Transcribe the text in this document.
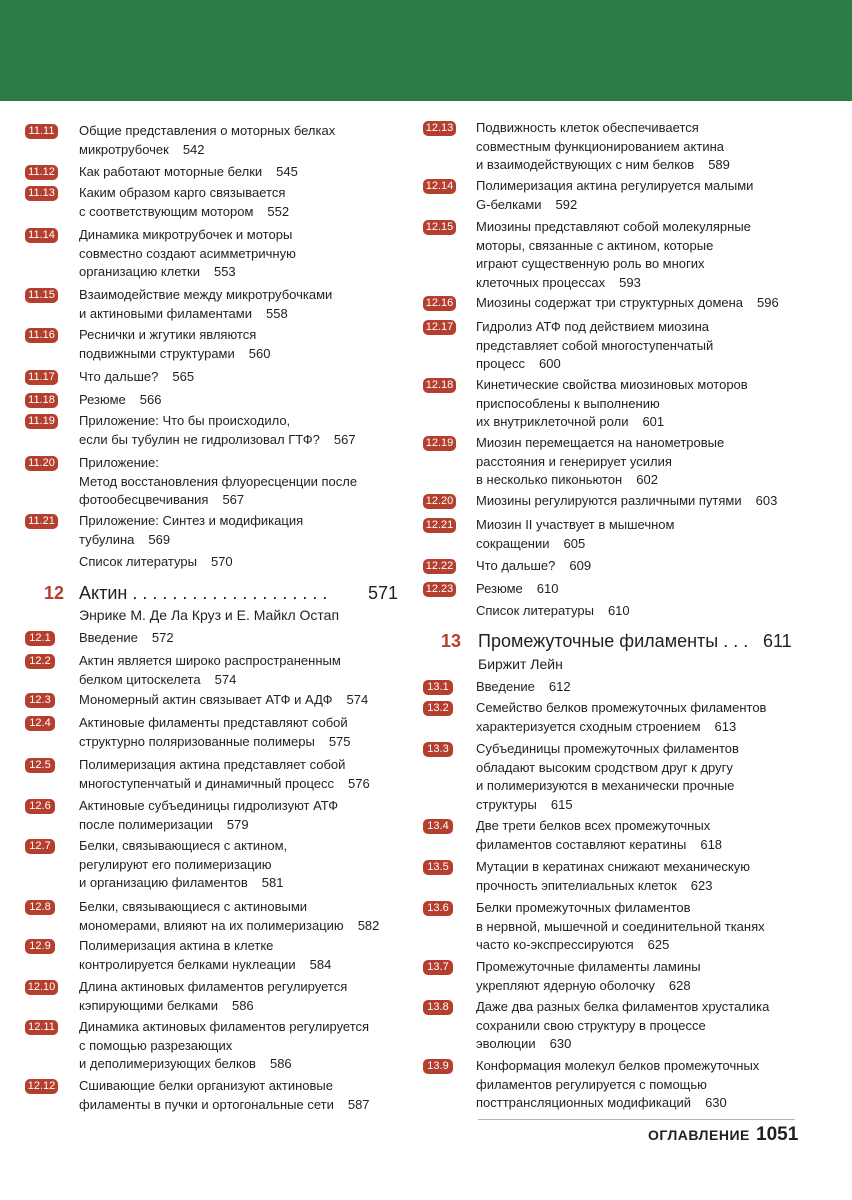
11.11 Общие представления о моторных белках
микротрубочек 542
11.12 Как работают моторные белки 545
11.13 Каким образом карго связывается
с соответствующим мотором 552
11.14 Динамика микротрубочек и моторы
совместно создают асимметричную
организацию клетки 553
11.15 Взаимодействие между микротрубочками
и актиновыми филаментами 558
11.16 Реснички и жгутики являются
подвижными структурами 560
11.17 Что дальше? 565
11.18 Резюме 566
11.19 Приложение: Что бы происходило,
если бы тубулин не гидролизовал ГТФ? 567
11.20 Приложение:
Метод восстановления флуоресценции после
фотообесцвечивания 567
11.21 Приложение: Синтез и модификация
тубулина 569
Список литературы 570
12 Актин . . . . . . . . . . . . . . . . . . . . 571
Энрике М. Де Ла Круз и Е. Майкл Остап
12.1	Введение 572
12.2	Актин является широко распространенным
белком цитоскелета 574
12.3	Мономерный актин связывает АТФ и АДФ 574
12.4	Актиновые филаменты представляют собой
структурно поляризованные полимеры 575
12.5	Полимеризация актина представляет собой
многоступенчатый и динамичный процесс 576
12.6	Актиновые субъединицы гидролизуют АТФ
после полимеризации 579
12.7	Белки, связывающиеся с актином,
регулируют его полимеризацию
и организацию филаментов 581
12.8	Белки, связывающиеся с актиновыми
мономерами, влияют на их полимеризацию 582
12.9	Полимеризация актина в клетке
контролируется белками нуклеации 584
12.10 Длина актиновых филаментов регулируется
кэпирующими белками 586
12.11 Динамика актиновых филаментов регулируется
с помощью разрезающих
и деполимеризующих белков 586
12.12 Сшивающие белки организуют актиновые
филаменты в пучки и ортогональные сети 587
12.13 Подвижность клеток обеспечивается
совместным функционированием актина
и взаимодействующих с ним белков 589
12.14 Полимеризация актина регулируется малыми
G-белками 592
12.15 Миозины представляют собой молекулярные
моторы, связанные с актином, которые
играют существенную роль во многих
клеточных процессах 593
12.16 Миозины содержат три структурных домена 596
12.17 Гидролиз АТФ под действием миозина
представляет собой многоступенчатый
процесс 600
12.18 Кинетические свойства миозиновых моторов
приспособлены к выполнению
их внутриклеточной роли 601
12.19 Миозин перемещается на нанометровые
расстояния и генерирует усилия
в несколько пиконьютон 602
12.20 Миозины регулируются различными путями 603
12.21 Миозин II участвует в мышечном
сокращении 605
12.22 Что дальше? 609
12.23 Резюме 610
Список литературы 610
13 Промежуточные филаменты . . . 611
Биржит Лейн
13.1	Введение 612
13.2	Семейство белков промежуточных филаментов
характеризуется сходным строением 613
13.3	Субъединицы промежуточных филаментов
обладают высоким сродством друг к другу
и полимеризуются в механически прочные
структуры 615
13.4	Две трети белков всех промежуточных
филаментов составляют кератины 618
13.5	Мутации в кератинах снижают механическую
прочность эпителиальных клеток 623
13.6	Белки промежуточных филаментов
в нервной, мышечной и соединительной тканях
часто ко-экспрессируются 625
13.7	Промежуточные филаменты ламины
укрепляют ядерную оболочку 628
13.8	Даже два разных белка филаментов хрусталика
сохранили свою структуру в процессе
эволюции 630
13.9	Конформация молекул белков промежуточных
филаментов регулируется с помощью
посттрансляционных модификаций 630
ОГЛАВЛЕНИЕ 1051
